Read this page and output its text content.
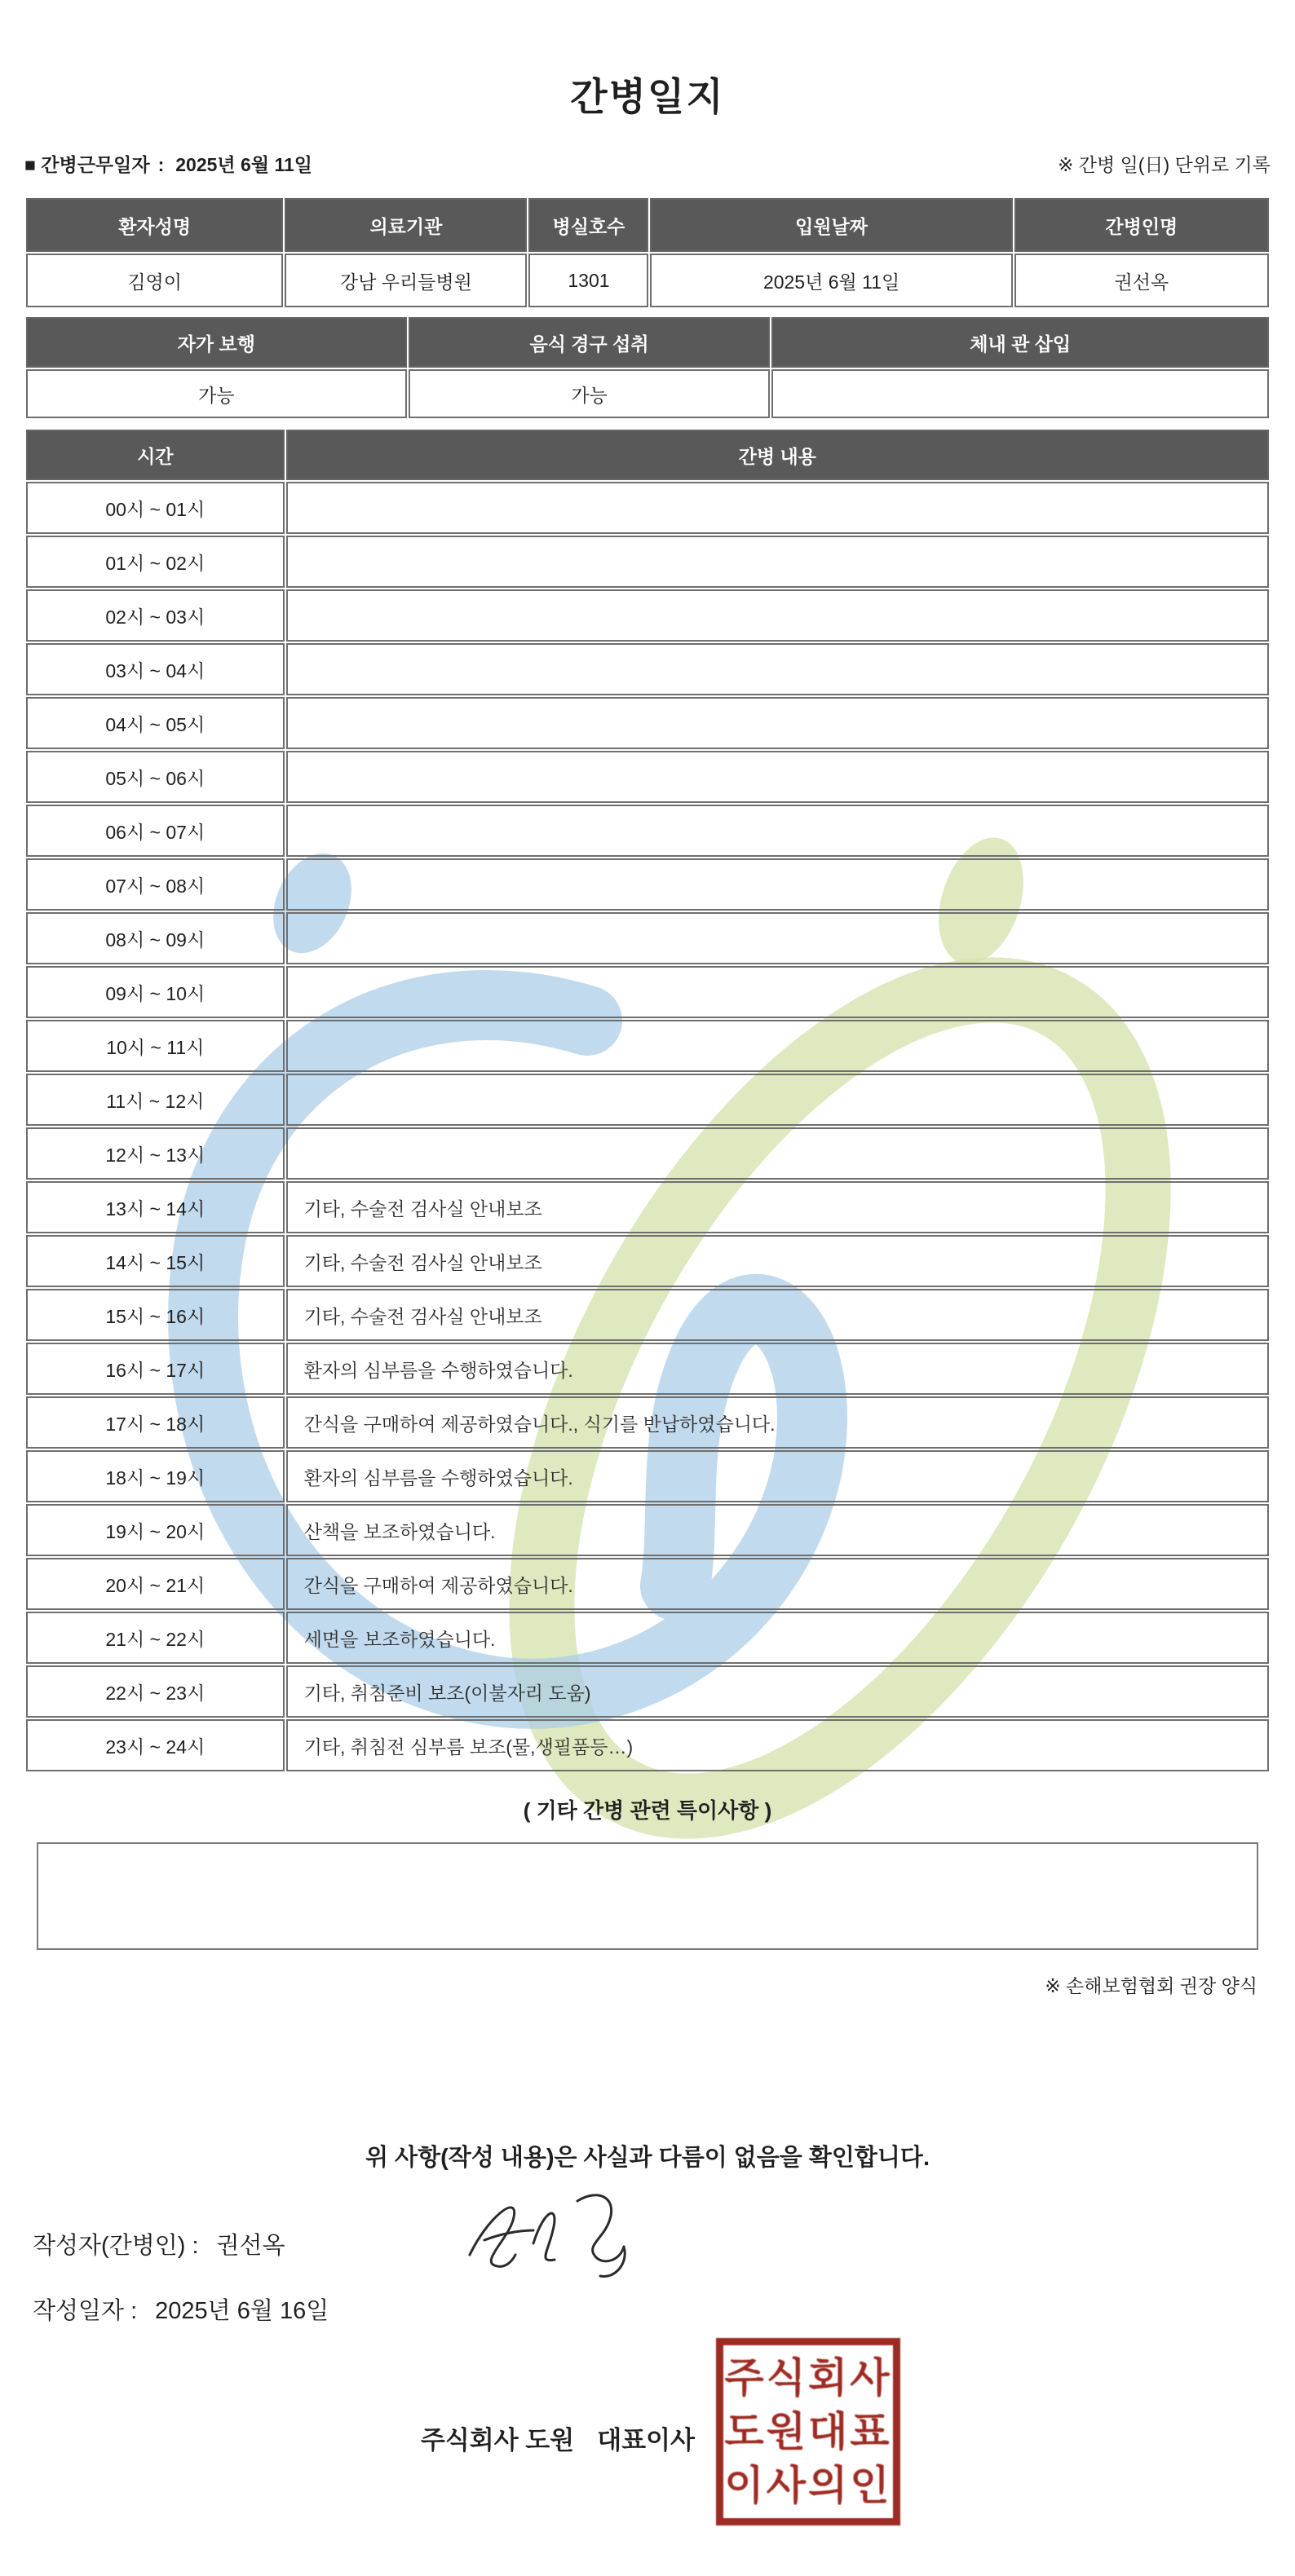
간병일지
■ 간병근무일자 : 2025년 6월 11일	※ 간병 일(日) 단위로 기록
환자성명	의료기관	병실호수	입원날짜	간병인명
김영이	강남 우리들병원	1301	2025년 6월 11일	권선옥
자가 보행	음식 경구 섭취	체내 관 삽입
가능	가능	
시간	간병 내용
00시 ~ 01시	
01시 ~ 02시	
02시 ~ 03시	
03시 ~ 04시	
04시 ~ 05시	
05시 ~ 06시	
06시 ~ 07시	
07시 ~ 08시	
08시 ~ 09시	
09시 ~ 10시	
10시 ~ 11시	
11시 ~ 12시	
12시 ~ 13시	
13시 ~ 14시	기타, 수술전 검사실 안내보조
14시 ~ 15시	기타, 수술전 검사실 안내보조
15시 ~ 16시	기타, 수술전 검사실 안내보조
16시 ~ 17시	환자의 심부름을 수행하였습니다.
17시 ~ 18시	간식을 구매하여 제공하였습니다., 식기를 반납하였습니다.
18시 ~ 19시	환자의 심부름을 수행하였습니다.
19시 ~ 20시	산책을 보조하였습니다.
20시 ~ 21시	간식을 구매하여 제공하였습니다.
21시 ~ 22시	세면을 보조하였습니다.
22시 ~ 23시	기타, 취침준비 보조(이불자리 도움)
23시 ~ 24시	기타, 취침전 심부름 보조(물,생필품등…)
( 기타 간병 관련 특이사항 )
※ 손해보험협회 권장 양식
위 사항(작성 내용)은 사실과 다름이 없음을 확인합니다.
작성자(간병인) : 권선옥
작성일자 : 2025년 6월 16일
주식회사 도원 대표이사
주식회사
도원대표
이사의인
